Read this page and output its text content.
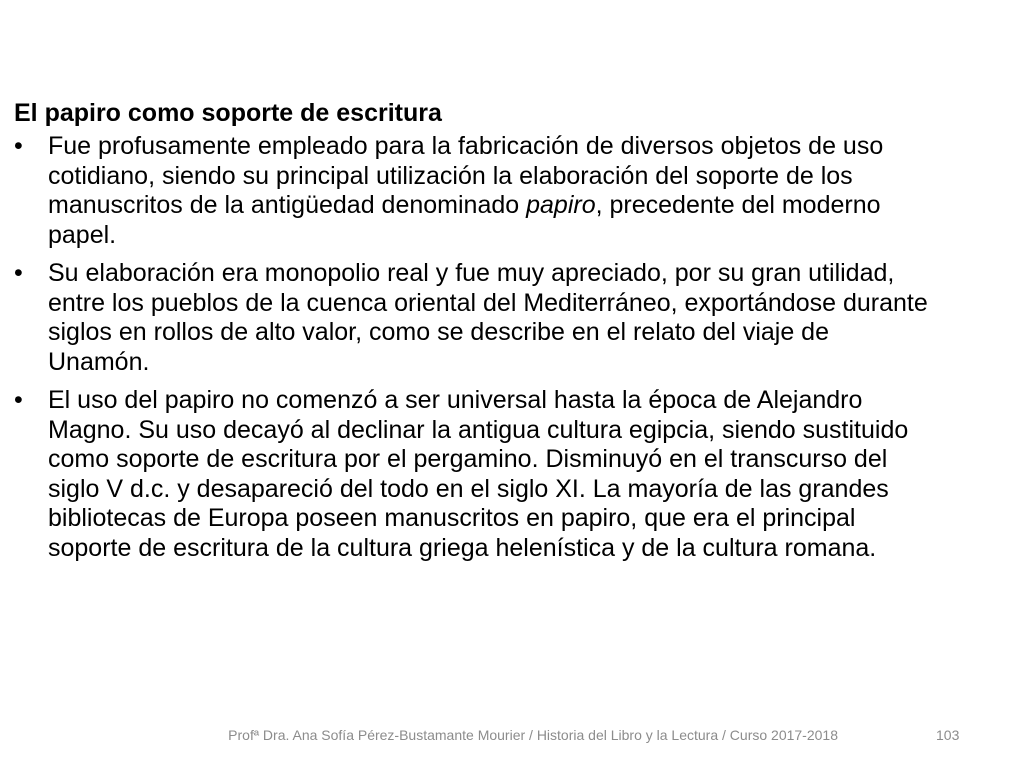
El papiro como soporte de escritura
•	Fue profusamente empleado para la fabricación de diversos objetos de uso cotidiano, siendo su principal utilización la elaboración del soporte de los manuscritos de la antigüedad denominado papiro, precedente del moderno papel.
•	Su elaboración era monopolio real y fue muy apreciado, por su gran utilidad, entre los pueblos de la cuenca oriental del Mediterráneo, exportándose durante siglos en rollos de alto valor, como se describe en el relato del viaje de Unamón.
•	El uso del papiro no comenzó a ser universal hasta la época de Alejandro Magno. Su uso decayó al declinar la antigua cultura egipcia, siendo sustituido como soporte de escritura por el pergamino. Disminuyó en el transcurso del siglo V d.c. y desapareció del todo en el siglo XI. La mayoría de las grandes bibliotecas de Europa poseen manuscritos en papiro, que era el principal soporte de escritura de la cultura griega helenística y de la cultura romana.
Profª Dra. Ana Sofía Pérez-Bustamante Mourier / Historia del Libro y la Lectura / Curso 2017-2018	103
